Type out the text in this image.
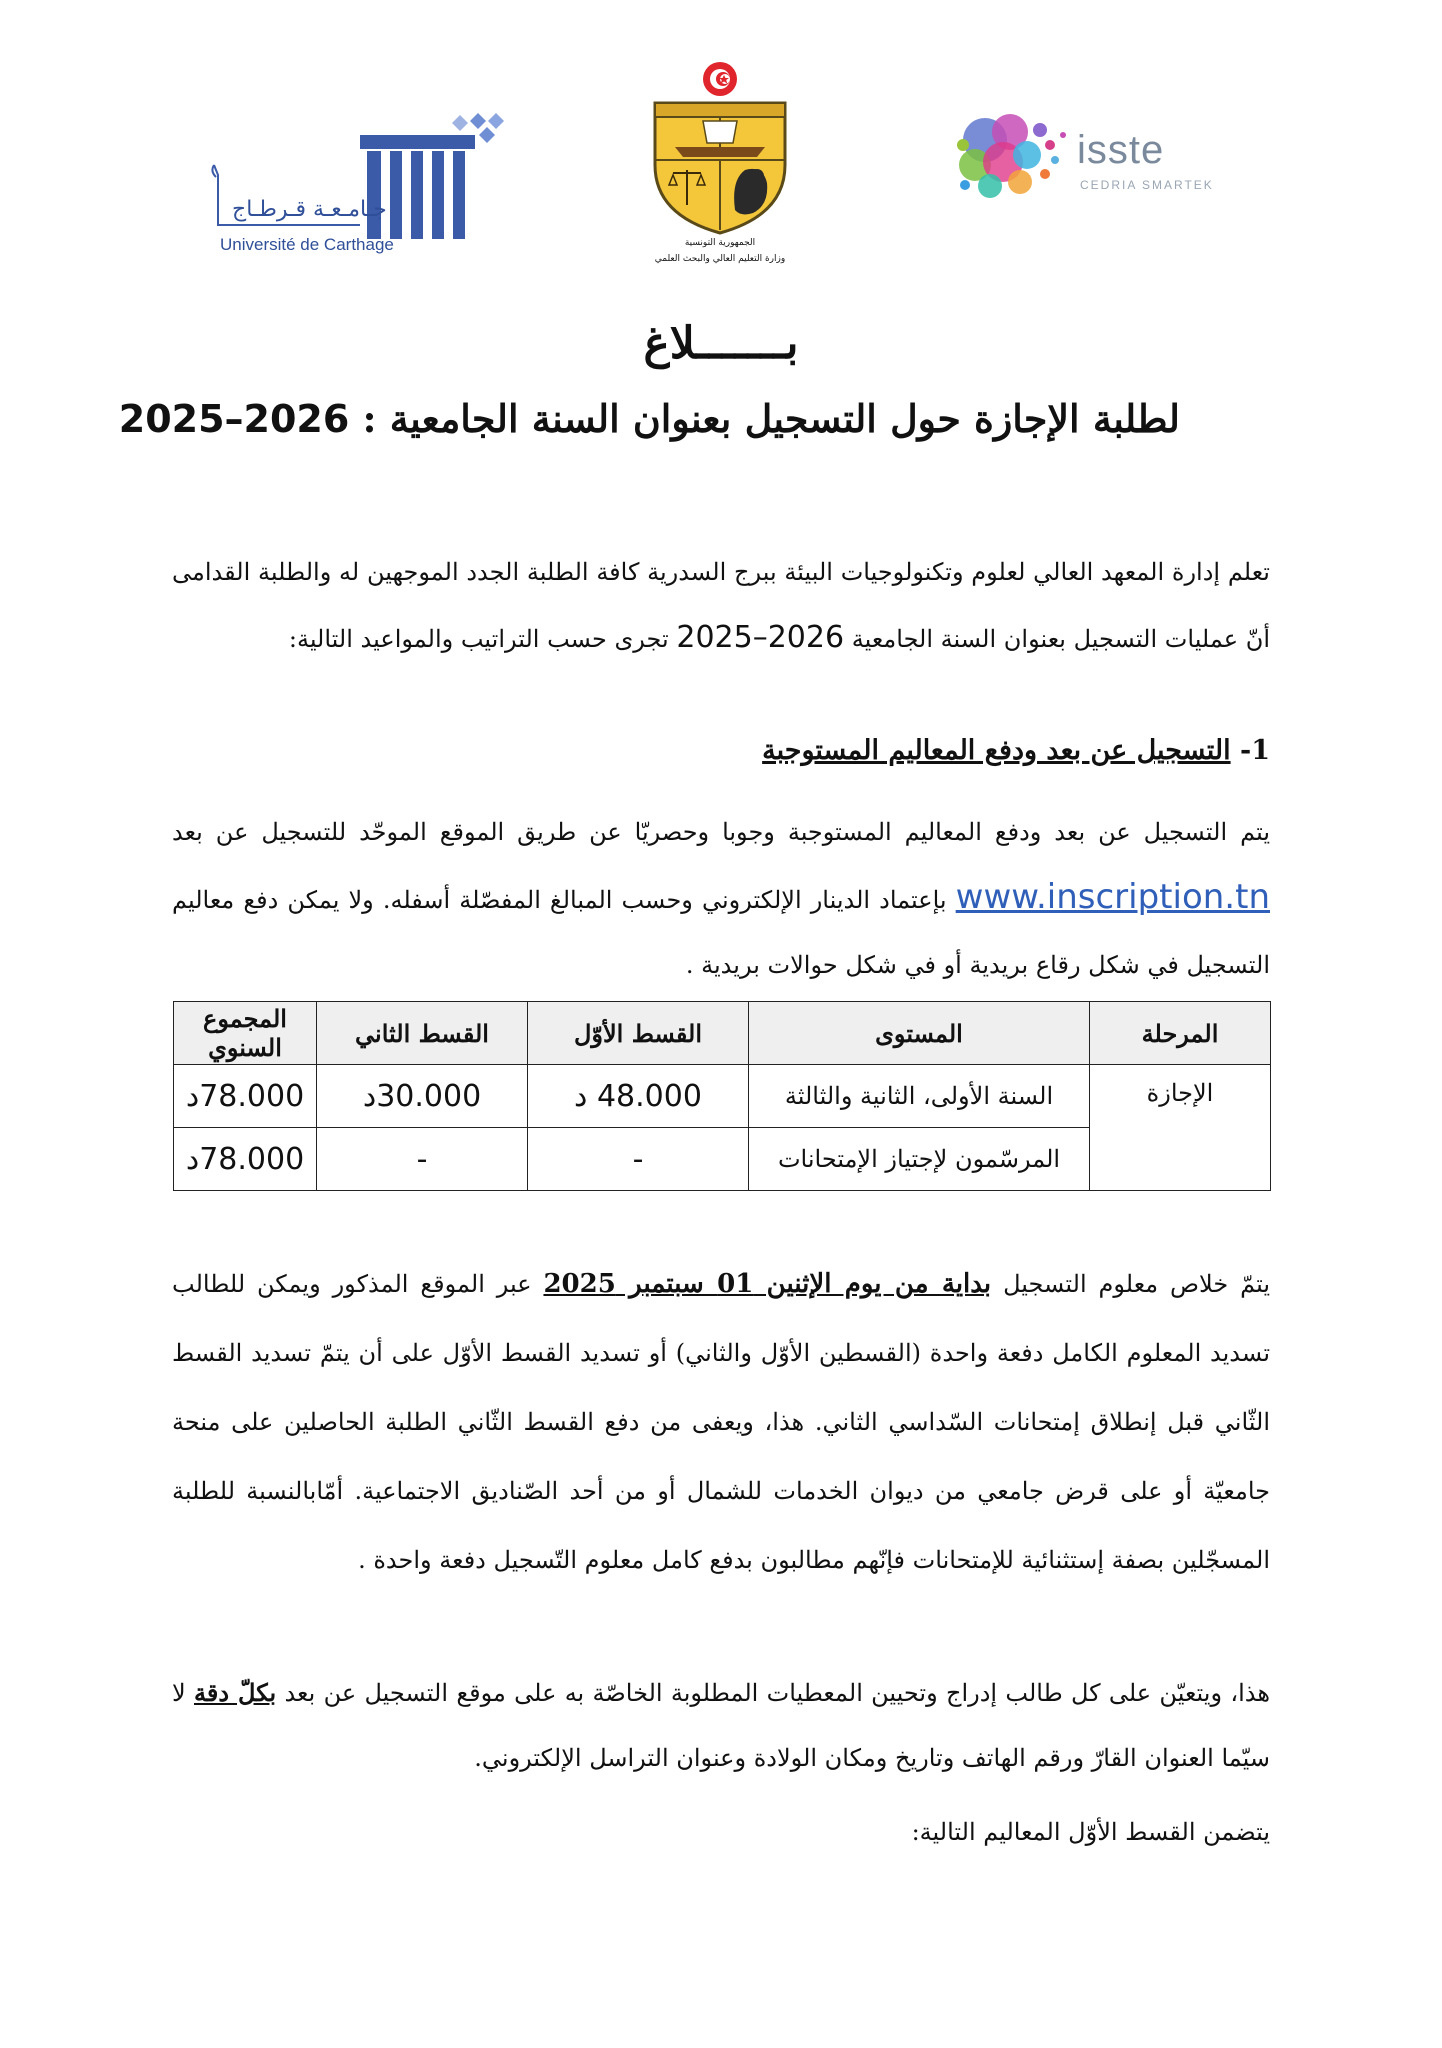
جـامـعـة قـرطـاج
Université de Carthage	الجمهورية التونسية
وزارة التعليم العالي والبحث العلمي
isste
CEDRIA SMARTEK
بـــــــلاغ
لطلبة الإجازة حول التسجيل بعنوان السنة الجامعية : 2026–2025

تعلم إدارة المعهد العالي لعلوم وتكنولوجيات البيئة ببرج السدرية كافة الطلبة الجدد الموجهين له والطلبة القدامى أنّ عمليات التسجيل بعنوان السنة الجامعية 2026–2025 تجرى حسب التراتيب والمواعيد التالية:

1- التسجيل عن بعد ودفع المعاليم المستوجبة

يتم التسجيل عن بعد ودفع المعاليم المستوجبة وجوبا وحصريّا عن طريق الموقع الموحّد للتسجيل عن بعد www.inscription.tn بإعتماد الدينار الإلكتروني وحسب المبالغ المفصّلة أسفله. ولا يمكن دفع معاليم التسجيل في شكل رقاع بريدية أو في شكل حوالات بريدية .

المرحلة	المستوى	القسط الأوّل	القسط الثاني	المجموع السنوي
الإجازة	السنة الأولى، الثانية والثالثة	48.000 د	30.000د	78.000د
	المرسّمون لإجتياز الإمتحانات	-	-	78.000د

يتمّ خلاص معلوم التسجيل بداية من يوم الإثنين 01 سبتمبر 2025 عبر الموقع المذكور ويمكن للطالب تسديد المعلوم الكامل دفعة واحدة (القسطين الأوّل والثاني) أو تسديد القسط الأوّل على أن يتمّ تسديد القسط الثّاني قبل إنطلاق إمتحانات السّداسي الثاني. هذا، ويعفى من دفع القسط الثّاني الطلبة الحاصلين على منحة جامعيّة أو على قرض جامعي من ديوان الخدمات للشمال أو من أحد الصّناديق الاجتماعية. أمّابالنسبة للطلبة المسجّلين بصفة إستثنائية للإمتحانات فإنّهم مطالبون بدفع كامل معلوم التّسجيل دفعة واحدة .

هذا، ويتعيّن على كل طالب إدراج وتحيين المعطيات المطلوبة الخاصّة به على موقع التسجيل عن بعد بكلّ دقة لا سيّما العنوان القارّ ورقم الهاتف وتاريخ ومكان الولادة وعنوان التراسل الإلكتروني.

يتضمن القسط الأوّل المعاليم التالية:
